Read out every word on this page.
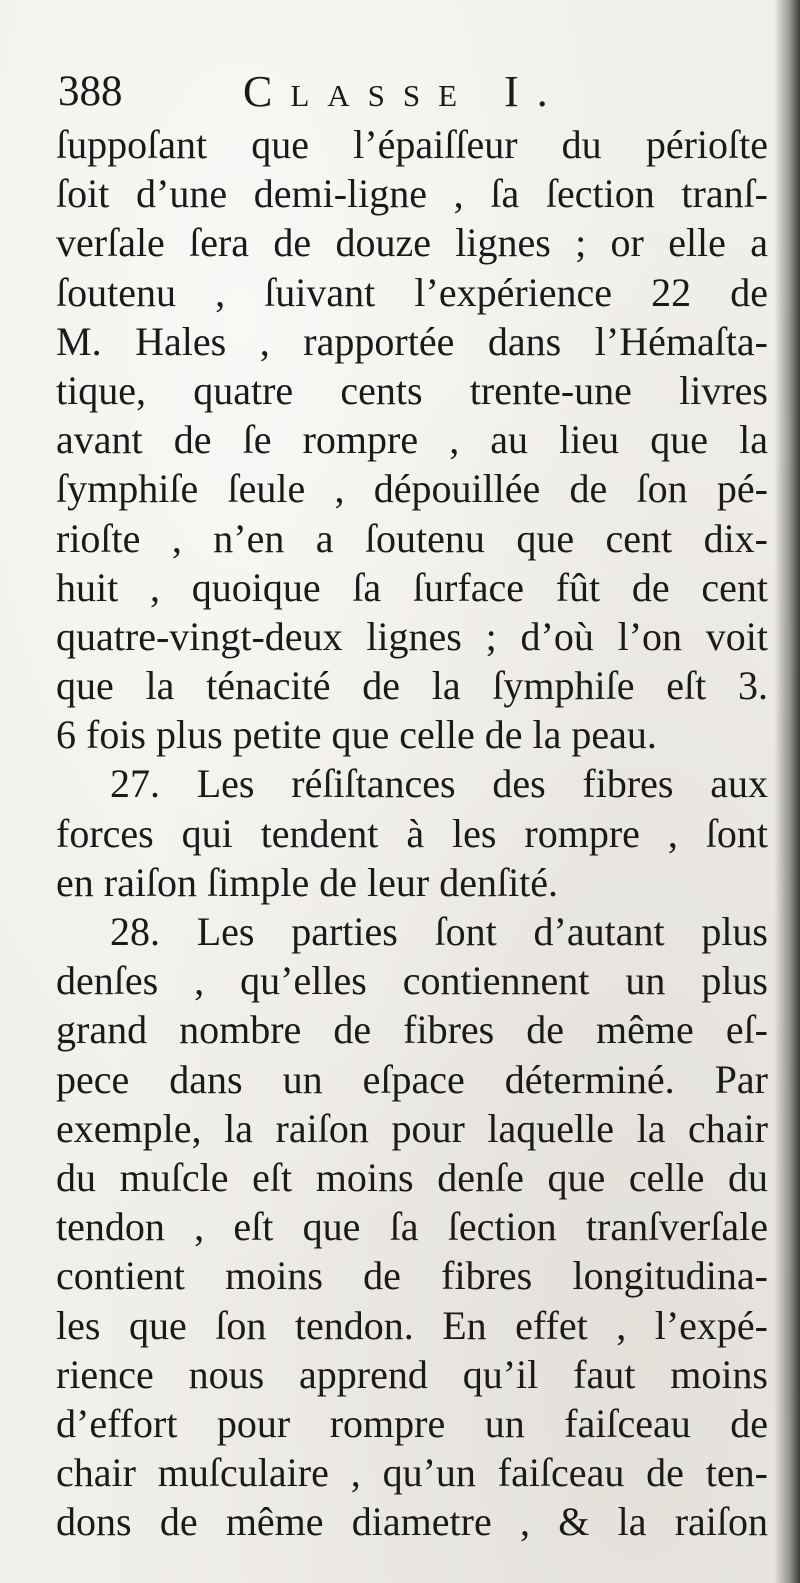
388	Classe I.
ſuppoſant que l’épaiſſeur du périoſte
ſoit d’une demi-ligne , ſa ſection tranſ-
verſale ſera de douze lignes ; or elle a
ſoutenu , ſuivant l’expérience 22 de
M. Hales , rapportée dans l’Hémaſta-
tique, quatre cents trente-une livres
avant de ſe rompre , au lieu que la
ſymphiſe ſeule , dépouillée de ſon pé-
rioſte , n’en a ſoutenu que cent dix-
huit , quoique ſa ſurface fût de cent
quatre-vingt-deux lignes ; d’où l’on voit
que la ténacité de la ſymphiſe eſt 3.
6 fois plus petite que celle de la peau.
27. Les réſiſtances des fibres aux
forces qui tendent à les rompre , ſont
en raiſon ſimple de leur denſité.
28. Les parties ſont d’autant plus
denſes , qu’elles contiennent un plus
grand nombre de fibres de même eſ-
pece dans un eſpace déterminé. Par
exemple, la raiſon pour laquelle la chair
du muſcle eſt moins denſe que celle du
tendon , eſt que ſa ſection tranſverſale
contient moins de fibres longitudina-
les que ſon tendon. En effet , l’expé-
rience nous apprend qu’il faut moins
d’effort pour rompre un faiſceau de
chair muſculaire , qu’un faiſceau de ten-
dons de même diametre , & la raiſon
